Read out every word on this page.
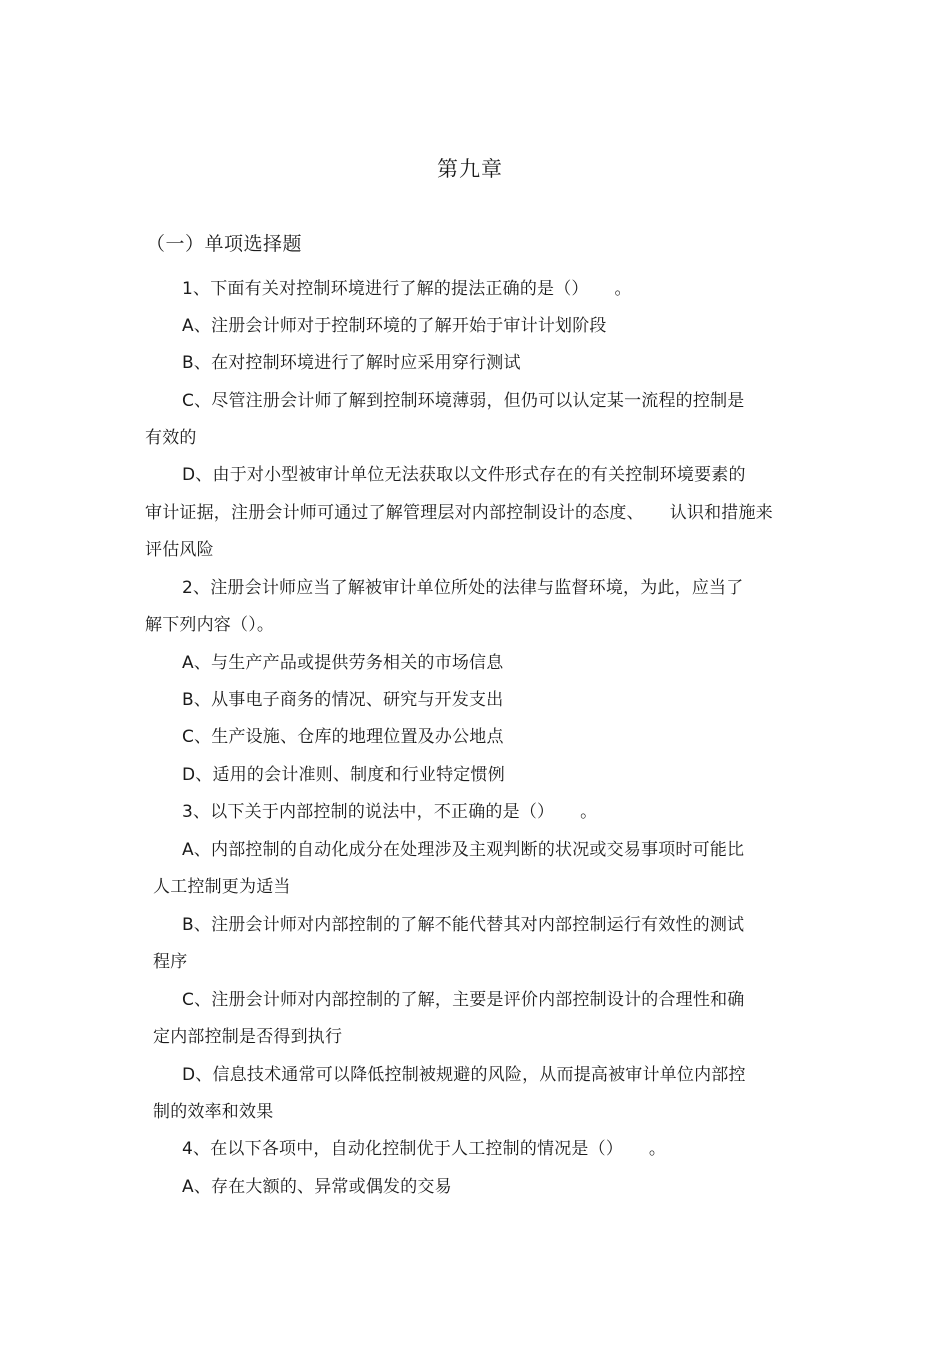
第九章
（一）单项选择题
1、下面有关对控制环境进行了解的提法正确的是（）　　。
A、注册会计师对于控制环境的了解开始于审计计划阶段
B、在对控制环境进行了解时应采用穿行测试
C、尽管注册会计师了解到控制环境薄弱，但仍可以认定某一流程的控制是
有效的
D、由于对小型被审计单位无法获取以文件形式存在的有关控制环境要素的
审计证据，注册会计师可通过了解管理层对内部控制设计的态度、　　认识和措施来
评估风险
2、注册会计师应当了解被审计单位所处的法律与监督环境，为此，应当了
解下列内容（）。
A、与生产产品或提供劳务相关的市场信息
B、从事电子商务的情况、研究与开发支出
C、生产设施、仓库的地理位置及办公地点
D、适用的会计准则、制度和行业特定惯例
3、以下关于内部控制的说法中，不正确的是（）　　。
A、内部控制的自动化成分在处理涉及主观判断的状况或交易事项时可能比
人工控制更为适当
B、注册会计师对内部控制的了解不能代替其对内部控制运行有效性的测试
程序
C、注册会计师对内部控制的了解，主要是评价内部控制设计的合理性和确
定内部控制是否得到执行
D、信息技术通常可以降低控制被规避的风险，从而提高被审计单位内部控
制的效率和效果
4、在以下各项中，自动化控制优于人工控制的情况是（）　　。
A、存在大额的、异常或偶发的交易
